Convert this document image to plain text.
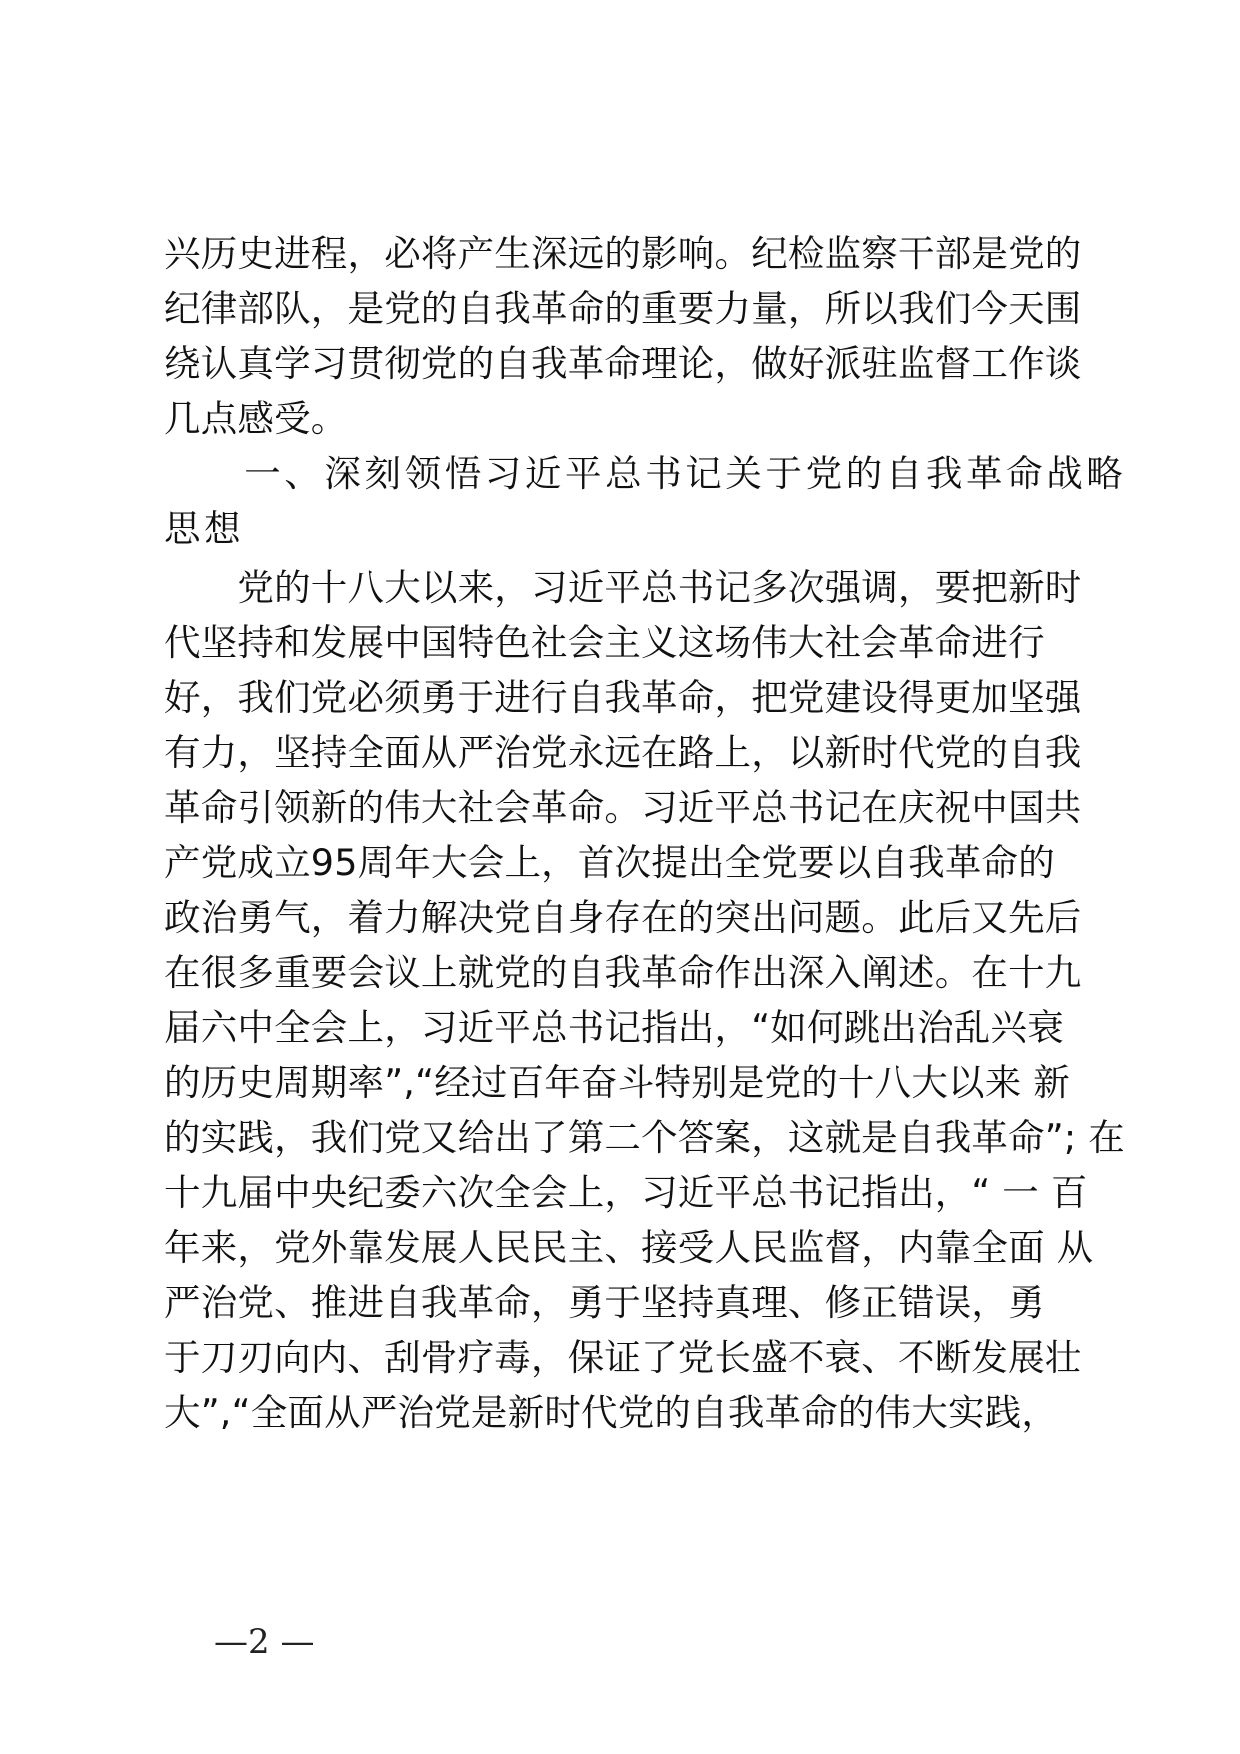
兴历史进程，必将产生深远的影响。纪检监察干部是党的
纪律部队，是党的自我革命的重要力量，所以我们今天围
绕认真学习贯彻党的自我革命理论，做好派驻监督工作谈
几点感受。
　　一、深刻领悟习近平总书记关于党的自我革命战略
思想
　　党的十八大以来，习近平总书记多次强调，要把新时
代坚持和发展中国特色社会主义这场伟大社会革命进行
好，我们党必须勇于进行自我革命，把党建设得更加坚强
有力，坚持全面从严治党永远在路上，以新时代党的自我
革命引领新的伟大社会革命。习近平总书记在庆祝中国共
产党成立95周年大会上，首次提出全党要以自我革命的
政治勇气，着力解决党自身存在的突出问题。此后又先后
在很多重要会议上就党的自我革命作出深入阐述。在十九
届六中全会上，习近平总书记指出，“如何跳出治乱兴衰
的历史周期率”,“经过百年奋斗特别是党的十八大以来 新
的实践，我们党又给出了第二个答案，这就是自我革命”; 在
十九届中央纪委六次全会上，习近平总书记指出，“ 一 百
年来，党外靠发展人民民主、接受人民监督，内靠全面 从
严治党、推进自我革命，勇于坚持真理、修正错误，勇
于刀刃向内、刮骨疗毒，保证了党长盛不衰、不断发展壮
大”,“全面从严治党是新时代党的自我革命的伟大实践，
—2 —
